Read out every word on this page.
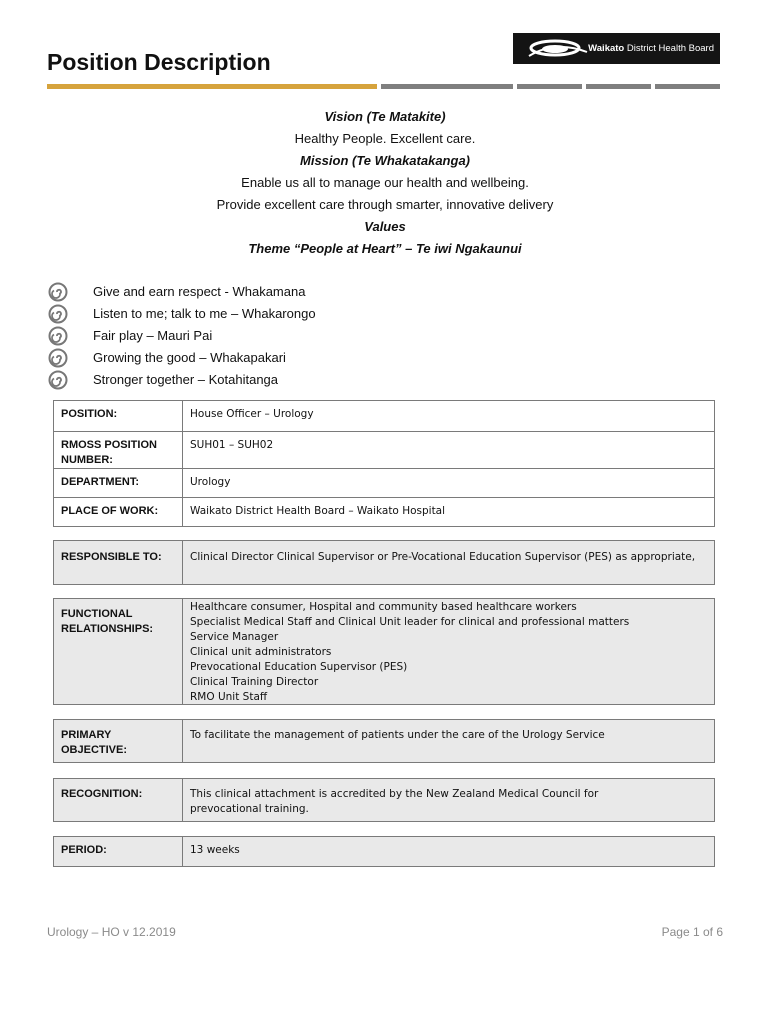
Position Description
Waikato District Health Board
Vision (Te Matakite)
Healthy People. Excellent care.
Mission (Te Whakatakanga)
Enable us all to manage our health and wellbeing.
Provide excellent care through smarter, innovative delivery
Values
Theme “People at Heart” – Te iwi Ngakaunui
Give and earn respect - Whakamana
Listen to me; talk to me – Whakarongo
Fair play – Mauri Pai
Growing the good – Whakapakari
Stronger together – Kotahitanga
POSITION:	House Officer – Urology
RMOSS POSITION NUMBER:
SUH01 – SUH02
DEPARTMENT:	Urology
PLACE OF WORK:	Waikato District Health Board – Waikato Hospital
RESPONSIBLE TO:	Clinical Director Clinical Supervisor or Pre-Vocational Education Supervisor (PES) as appropriate,
FUNCTIONAL RELATIONSHIPS:
Healthcare consumer, Hospital and community based healthcare workers
Specialist Medical Staff and Clinical Unit leader for clinical and professional matters
Service Manager
Clinical unit administrators
Prevocational Education Supervisor (PES)
Clinical Training Director
RMO Unit Staff
PRIMARY OBJECTIVE:
To facilitate the management of patients under the care of the Urology Service
RECOGNITION:	This clinical attachment is accredited by the New Zealand Medical Council for
prevocational training.
PERIOD:	13 weeks
Urology – HO v 12.2019	Page 1 of 6
